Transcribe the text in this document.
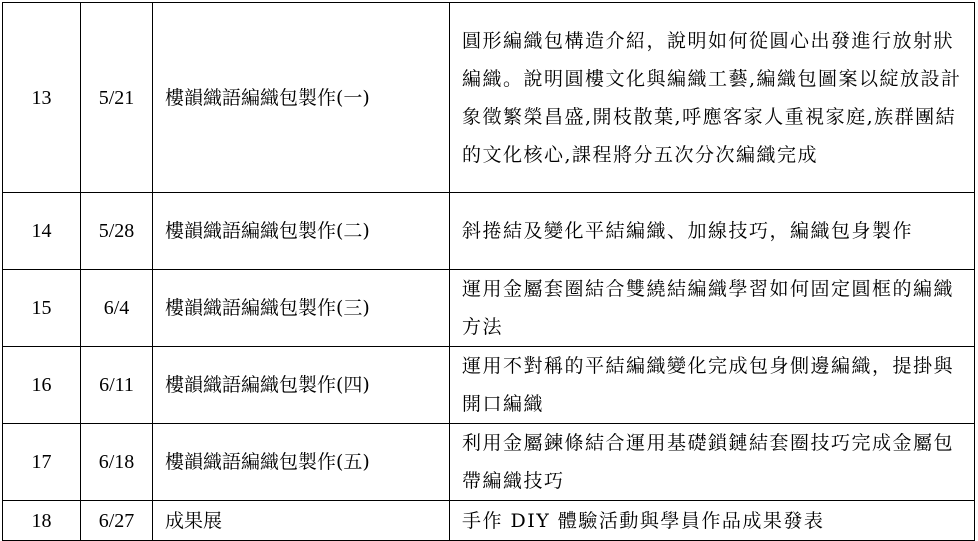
13	5/21	樓韻織語編織包製作(一)	圓形編織包構造介紹，說明如何從圓心出發進行放射狀編織。說明圓樓文化與編織工藝,編織包圖案以綻放設計象徵繁榮昌盛,開枝散葉,呼應客家人重視家庭,族群團結的文化核心,課程將分五次分次編織完成
14	5/28	樓韻織語編織包製作(二)	斜捲結及變化平結編織、加線技巧，編織包身製作
15	6/4	樓韻織語編織包製作(三)	運用金屬套圈結合雙繞結編織學習如何固定圓框的編織方法
16	6/11	樓韻織語編織包製作(四)	運用不對稱的平結編織變化完成包身側邊編織，提掛與開口編織
17	6/18	樓韻織語編織包製作(五)	利用金屬鍊條結合運用基礎鎖鏈結套圈技巧完成金屬包帶編織技巧
18	6/27	成果展	手作 DIY 體驗活動與學員作品成果發表
